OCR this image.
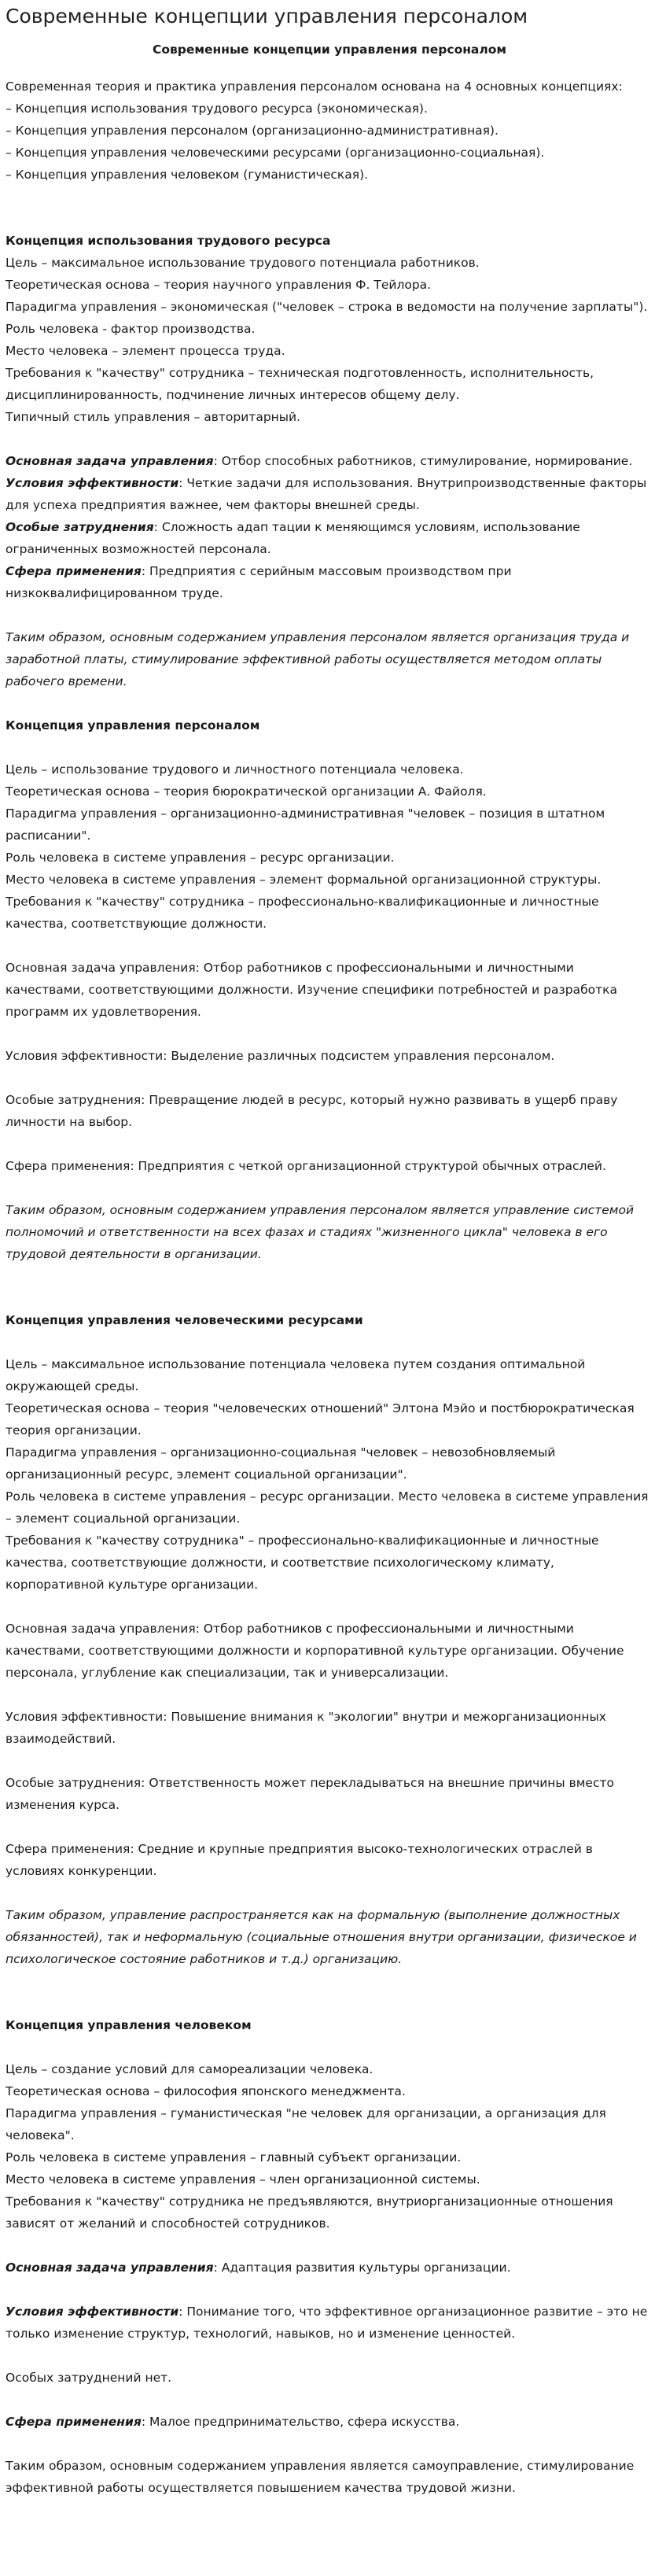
Современные концепции управления персоналом

Современные концепции управления персоналом

Современная теория и практика управления персоналом основана на 4 основных концепциях:

– Концепция использования трудового ресурса (экономическая).

– Концепция управления персоналом (организационно-административная).

– Концепция управления человеческими ресурсами (организационно-социальная).

– Концепция управления человеком (гуманистическая).

Концепция использования трудового ресурса

Цель – максимальное использование трудового потенциала работников.

Теоретическая основа – теория научного управления Ф. Тейлора.

Парадигма управления – экономическая ("человек – строка в ведомости на получение зарплаты").

Роль человека - фактор производства.

Место человека – элемент процесса труда.

Требования к "качеству" сотрудника – техническая подготовленность, исполнительность, дисциплинированность, подчинение личных интересов общему делу.

Типичный стиль управления – авторитарный.

Основная задача управления: Отбор способных работников, стимулирование, нормирование.

Условия эффективности: Четкие задачи для использования. Внутрипроизводственные факторы для успеха предприятия важнее, чем факторы внешней среды.

Особые затруднения: Сложность адап тации к меняющимся условиям, использование ограниченных возможностей персонала.

Сфера применения: Предприятия с серийным массовым производством при низкоквалифицированном труде.

Таким образом, основным содержанием управления персоналом является организация труда и заработной платы, стимулирование эффективной работы осуществляется методом оплаты рабочего времени.

Концепция управления персоналом

Цель – использование трудового и личностного потенциала человека.

Теоретическая основа – теория бюрократической организации А. Файоля.

Парадигма управления – организационно-административная "человек – позиция в штатном расписании".

Роль человека в системе управления – ресурс организации.

Место человека в системе управления – элемент формальной организационной структуры.

Требования к "качеству" сотрудника – профессионально-квалификационные и личностные качества, соответствующие должности.

Основная задача управления: Отбор работников с профессиональными и личностными качествами, соответствующими должности. Изучение специфики потребностей и разработка программ их удовлетворения.

Условия эффективности: Выделение различных подсистем управления персоналом.

Особые затруднения: Превращение людей в ресурс, который нужно развивать в ущерб праву личности на выбор.

Сфера применения: Предприятия с четкой организационной структурой обычных отраслей.

Таким образом, основным содержанием управления персоналом является управление системой полномочий и ответственности на всех фазах и стадиях "жизненного цикла" человека в его трудовой деятельности в организации.

Концепция управления человеческими ресурсами

Цель – максимальное использование потенциала человека путем создания оптимальной окружающей среды.

Теоретическая основа – теория "человеческих отношений" Элтона Мэйо и постбюрократическая теория организации.

Парадигма управления – организационно-социальная "человек – невозобновляемый организационный ресурс, элемент социальной организации".

Роль человека в системе управления – ресурс организации. Место человека в системе управления – элемент социальной организации.

Требования к "качеству сотрудника" – профессионально-квалификационные и личностные качества, соответствующие должности, и соответствие психологическому климату, корпоративной культуре организации.

Основная задача управления: Отбор работников с профессиональными и личностными качествами, соответствующими должности и корпоративной культуре организации. Обучение персонала, углубление как специализации, так и универсализации.

Условия эффективности: Повышение внимания к "экологии" внутри и межорганизационных взаимодействий.

Особые затруднения: Ответственность может перекладываться на внешние причины вместо изменения курса.

Сфера применения: Средние и крупные предприятия высоко-технологических отраслей в условиях конкуренции.

Таким образом, управление распространяется как на формальную (выполнение должностных обязанностей), так и неформальную (социальные отношения внутри организации, физическое и психологическое состояние работников и т.д.) организацию.

Концепция управления человеком

Цель – создание условий для самореализации человека.

Теоретическая основа – философия японского менеджмента.

Парадигма управления – гуманистическая "не человек для организации, а организация для человека".

Роль человека в системе управления – главный субъект организации.

Место человека в системе управления – член организационной системы.

Требования к "качеству" сотрудника не предъявляются, внутриорганизационные отношения зависят от желаний и способностей сотрудников.

Основная задача управления: Адаптация развития культуры организации.

Условия эффективности: Понимание того, что эффективное организационное развитие – это не только изменение структур, технологий, навыков, но и изменение ценностей.

Особых затруднений нет.

Сфера применения: Малое предпринимательство, сфера искусства.

Таким образом, основным содержанием управления является самоуправление, стимулирование эффективной работы осуществляется повышением качества трудовой жизни.
